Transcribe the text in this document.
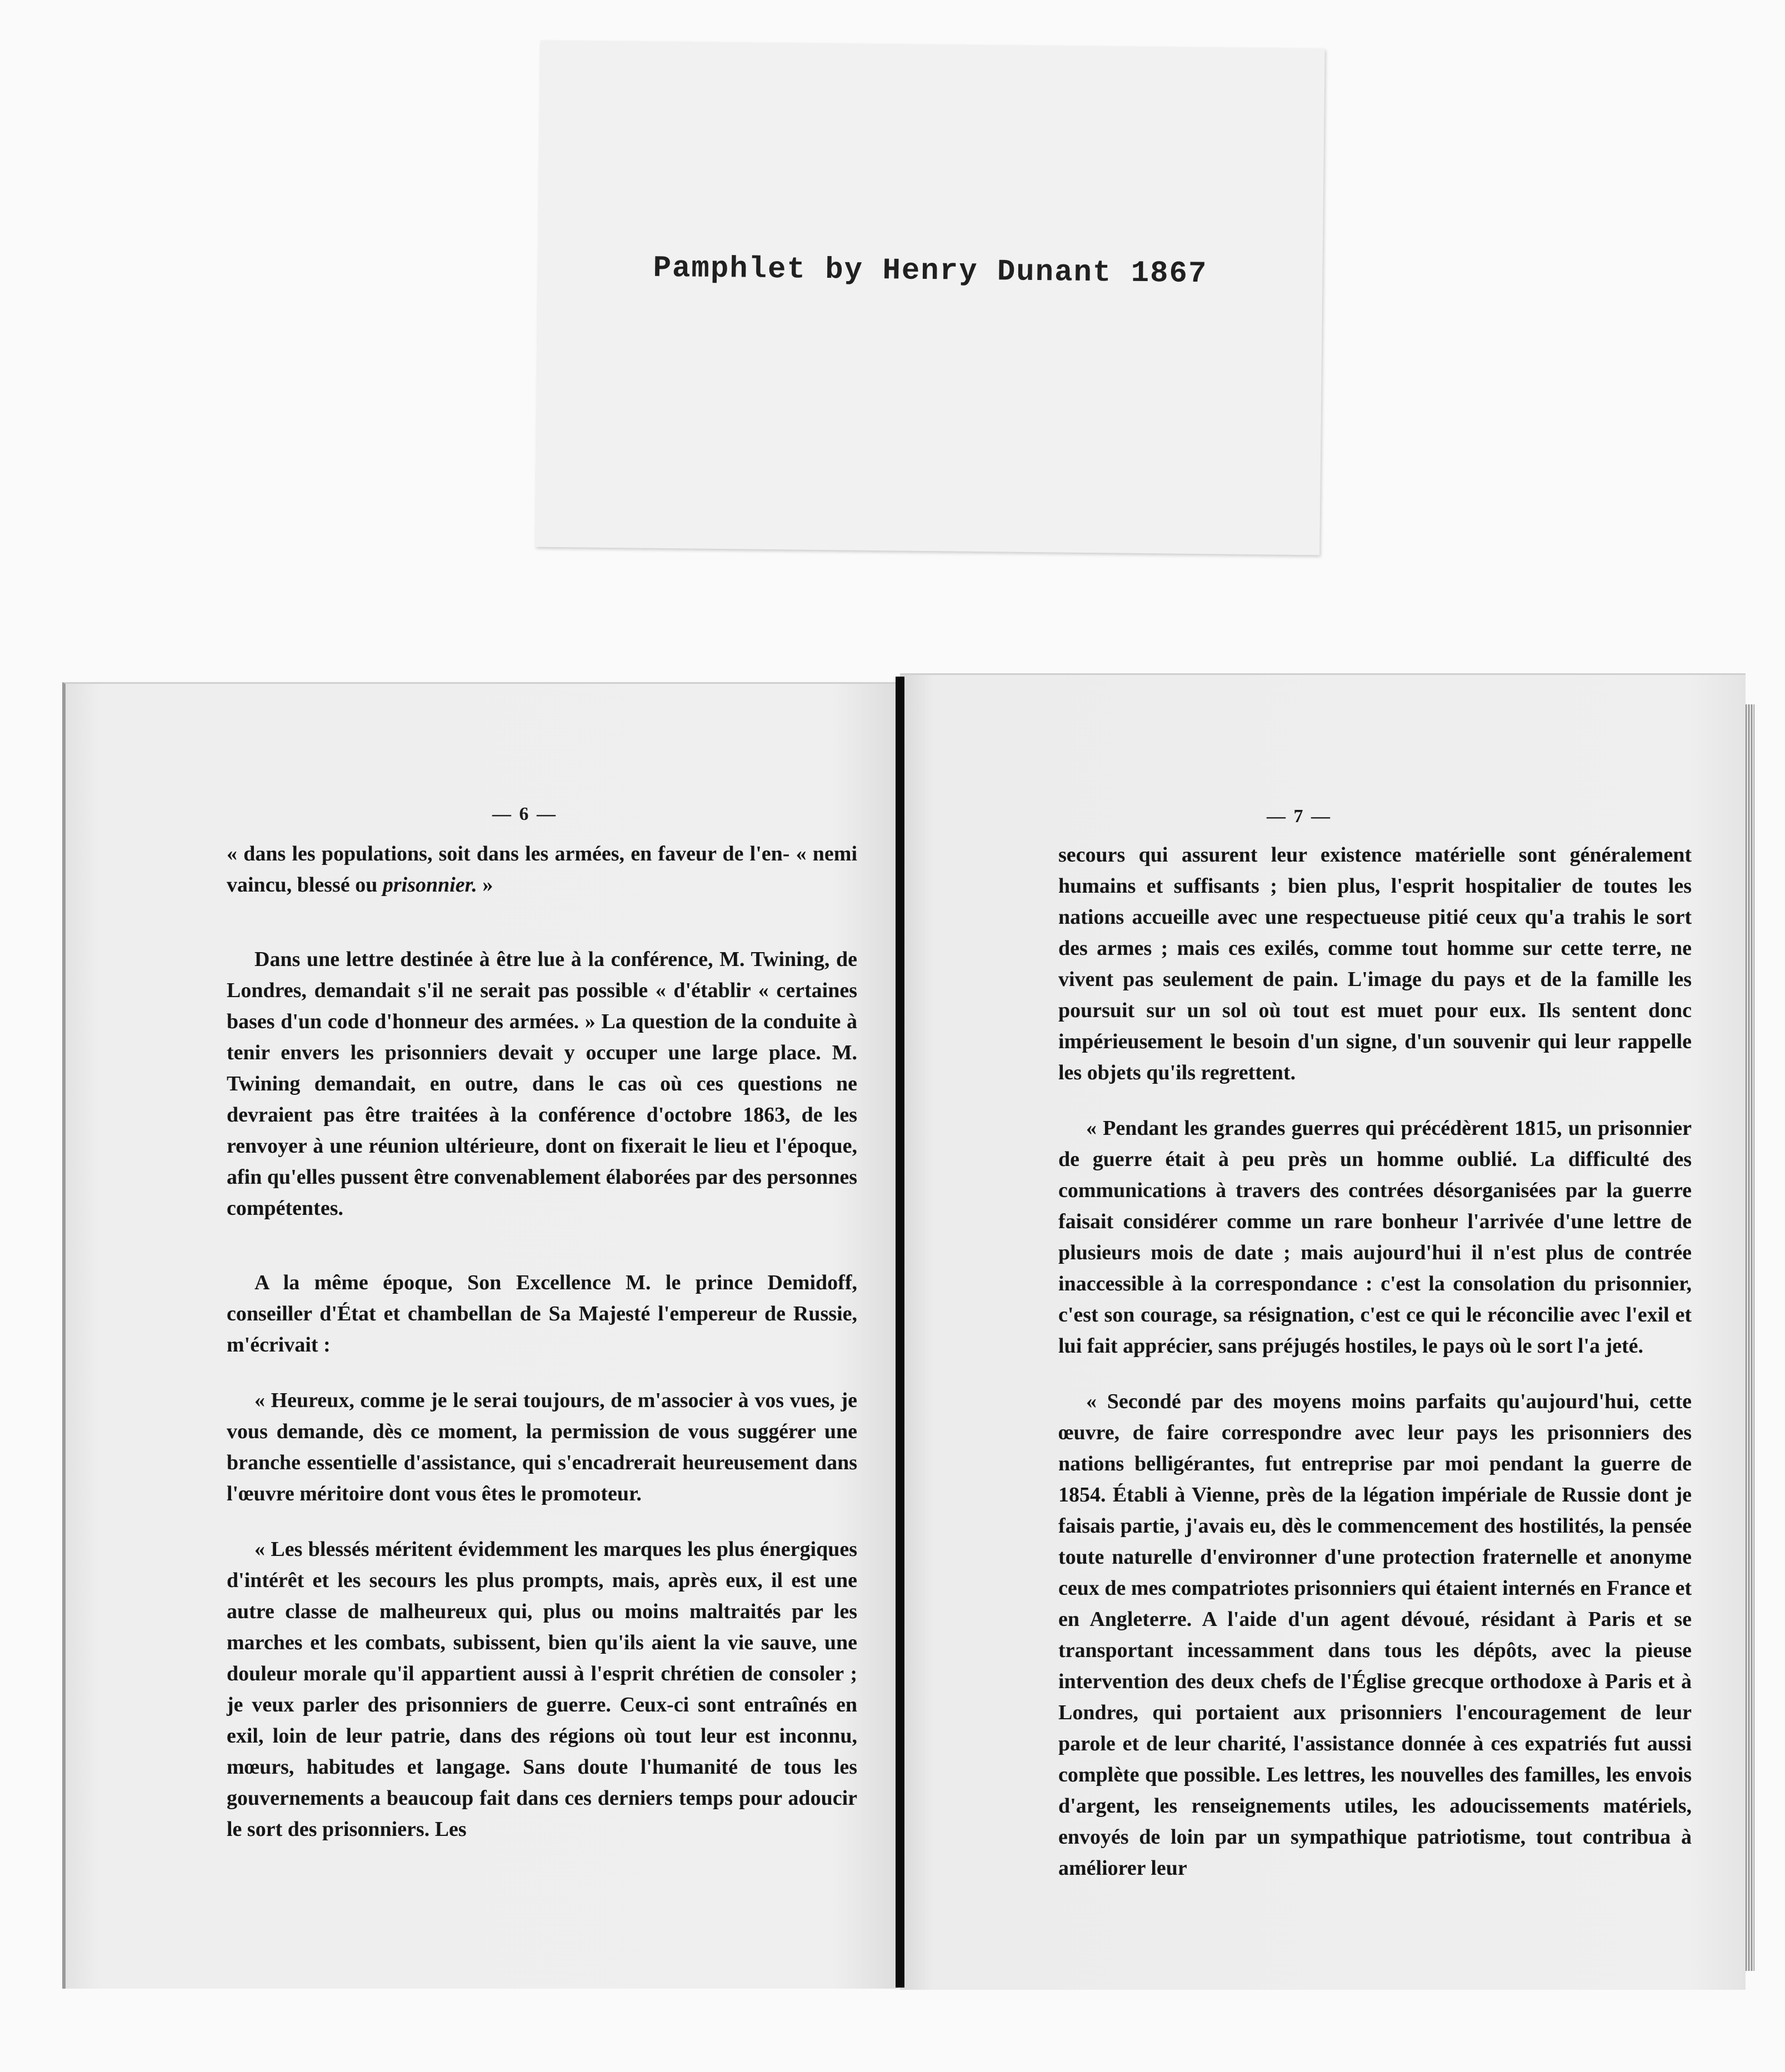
Pamphlet by Henry Dunant 1867
— 6 —

« dans les populations, soit dans les armées, en faveur de l'en- « nemi vaincu, blessé ou prisonnier. »

Dans une lettre destinée à être lue à la conférence, M. Twining, de Londres, demandait s'il ne serait pas possible « d'établir « certaines bases d'un code d'honneur des armées. » La question de la conduite à tenir envers les prisonniers devait y occuper une large place. M. Twining demandait, en outre, dans le cas où ces questions ne devraient pas être traitées à la conférence d'octobre 1863, de les renvoyer à une réunion ultérieure, dont on fixerait le lieu et l'époque, afin qu'elles pussent être convenablement élaborées par des personnes compétentes.

A la même époque, Son Excellence M. le prince Demidoff, conseiller d'État et chambellan de Sa Majesté l'empereur de Russie, m'écrivait :

« Heureux, comme je le serai toujours, de m'associer à vos vues, je vous demande, dès ce moment, la permission de vous suggérer une branche essentielle d'assistance, qui s'encadrerait heureusement dans l'œuvre méritoire dont vous êtes le promoteur.

« Les blessés méritent évidemment les marques les plus énergiques d'intérêt et les secours les plus prompts, mais, après eux, il est une autre classe de malheureux qui, plus ou moins maltraités par les marches et les combats, subissent, bien qu'ils aient la vie sauve, une douleur morale qu'il appartient aussi à l'esprit chrétien de consoler ; je veux parler des prisonniers de guerre. Ceux-ci sont entraînés en exil, loin de leur patrie, dans des régions où tout leur est inconnu, mœurs, habitudes et langage. Sans doute l'humanité de tous les gouvernements a beaucoup fait dans ces derniers temps pour adoucir le sort des prisonniers. Les

— 7 —

secours qui assurent leur existence matérielle sont généralement humains et suffisants ; bien plus, l'esprit hospitalier de toutes les nations accueille avec une respectueuse pitié ceux qu'a trahis le sort des armes ; mais ces exilés, comme tout homme sur cette terre, ne vivent pas seulement de pain. L'image du pays et de la famille les poursuit sur un sol où tout est muet pour eux. Ils sentent donc impérieusement le besoin d'un signe, d'un souvenir qui leur rappelle les objets qu'ils regrettent.

« Pendant les grandes guerres qui précédèrent 1815, un prisonnier de guerre était à peu près un homme oublié. La difficulté des communications à travers des contrées désorganisées par la guerre faisait considérer comme un rare bonheur l'arrivée d'une lettre de plusieurs mois de date ; mais aujourd'hui il n'est plus de contrée inaccessible à la correspondance : c'est la consolation du prisonnier, c'est son courage, sa résignation, c'est ce qui le réconcilie avec l'exil et lui fait apprécier, sans préjugés hostiles, le pays où le sort l'a jeté.

« Secondé par des moyens moins parfaits qu'aujourd'hui, cette œuvre, de faire correspondre avec leur pays les prisonniers des nations belligérantes, fut entreprise par moi pendant la guerre de 1854. Établi à Vienne, près de la légation impériale de Russie dont je faisais partie, j'avais eu, dès le commencement des hostilités, la pensée toute naturelle d'environner d'une protection fraternelle et anonyme ceux de mes compatriotes prisonniers qui étaient internés en France et en Angleterre. A l'aide d'un agent dévoué, résidant à Paris et se transportant incessamment dans tous les dépôts, avec la pieuse intervention des deux chefs de l'Église grecque orthodoxe à Paris et à Londres, qui portaient aux prisonniers l'encouragement de leur parole et de leur charité, l'assistance donnée à ces expatriés fut aussi complète que possible. Les lettres, les nouvelles des familles, les envois d'argent, les renseignements utiles, les adoucissements matériels, envoyés de loin par un sympathique patriotisme, tout contribua à améliorer leur
